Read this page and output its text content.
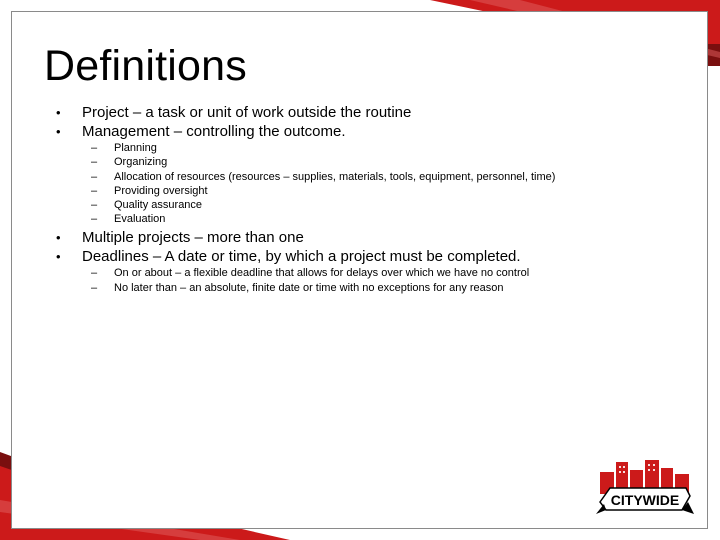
Definitions
• Project – a task or unit of work outside the routine
• Management – controlling the outcome.
– Planning
– Organizing
– Allocation of resources (resources – supplies, materials, tools, equipment, personnel, time)
– Providing oversight
– Quality assurance
– Evaluation
• Multiple projects – more than one
• Deadlines – A date or time, by which a project must be completed.
– On or about – a flexible deadline that allows for delays over which we have no control
– No later than – an absolute, finite date or time with no exceptions for any reason
CITYWIDE
